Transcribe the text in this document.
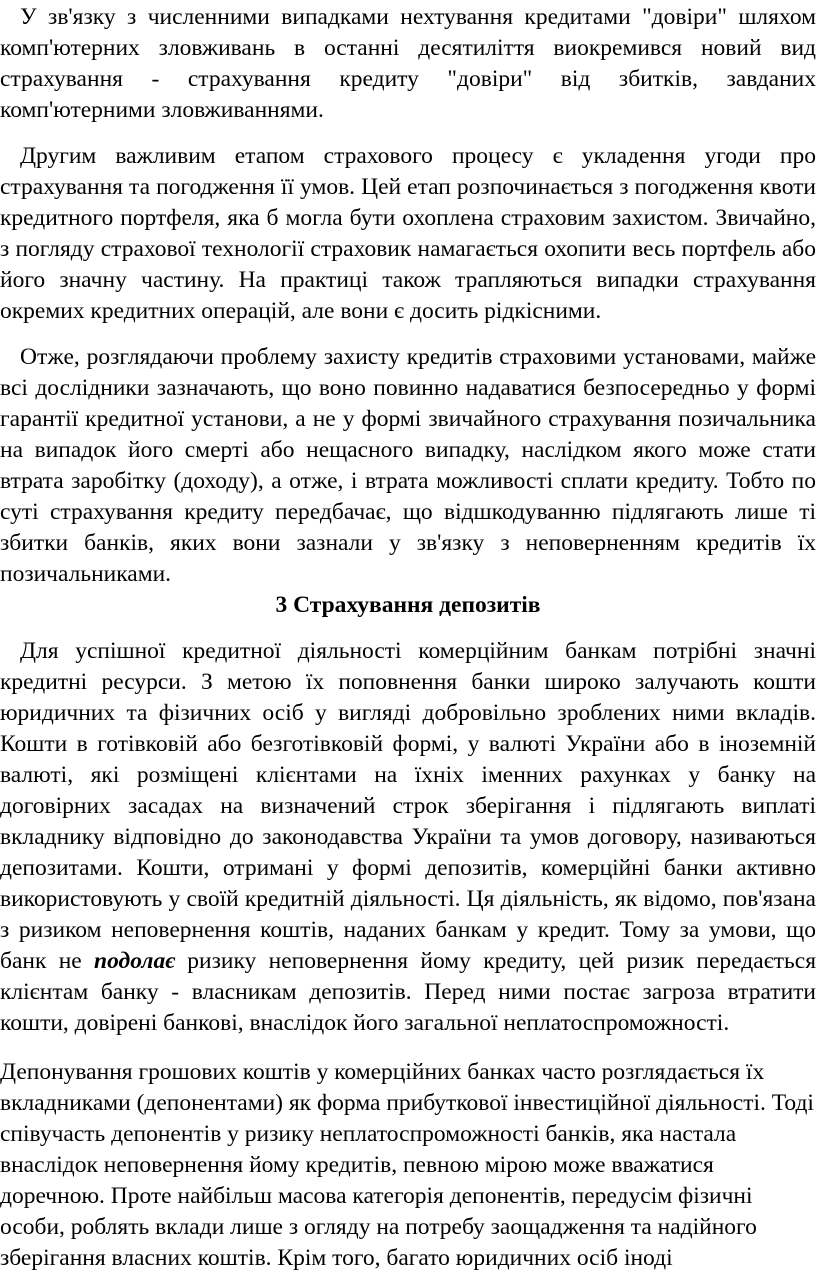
У зв'язку з численними випадками нехтування кредитами "довіри" шляхом комп'ютерних зловживань в останні десятиліття виокремився новий вид страхування - страхування кредиту "довіри" від збитків, завданих комп'ютерними зловживаннями.

Другим важливим етапом страхового процесу є укладення угоди про страхування та погодження її умов. Цей етап розпочинається з погодження квоти кредитного портфеля, яка б могла бути охоплена страховим захистом. Звичайно, з погляду страхової технології страховик намагається охопити весь портфель або його значну частину. На практиці також трапляються випадки страхування окремих кредитних операцій, але вони є досить рідкісними.

Отже, розглядаючи проблему захисту кредитів страховими установами, майже всі дослідники зазначають, що воно повинно надаватися безпосередньо у формі гарантії кредитної установи, а не у формі звичайного страхування позичальника на випадок його смерті або нещасного випадку, наслідком якого може стати втрата заробітку (доходу), а отже, і втрата можливості сплати кредиту. Тобто по суті страхування кредиту передбачає, що відшкодуванню підлягають лише ті збитки банків, яких вони зазнали у зв'язку з неповерненням кредитів їх позичальниками.

3 Страхування депозитів

Для успішної кредитної діяльності комерційним банкам потрібні значні кредитні ресурси. З метою їх поповнення банки широко залучають кошти юридичних та фізичних осіб у вигляді добровільно зроблених ними вкладів. Кошти в готівковій або безготівковій формі, у валюті України або в іноземній валюті, які розміщені клієнтами на їхніх іменних рахунках у банку на договірних засадах на визначений строк зберігання і підлягають виплаті вкладнику відповідно до законодавства України та умов договору, називаються депозитами. Кошти, отримані у формі депозитів, комерційні банки активно використовують у своїй кредитній діяльності. Ця діяльність, як відомо, пов'язана з ризиком неповернення коштів, наданих банкам у кредит. Тому за умови, що банк не подолає ризику неповернення йому кредиту, цей ризик передається клієнтам банку - власникам депозитів. Перед ними постає загроза втратити кошти, довірені банкові, внаслідок його загальної неплатоспроможності.

Депонування грошових коштів у комерційних банках часто розглядається їх вкладниками (депонентами) як форма прибуткової інвестиційної діяльності. Тоді співучасть депонентів у ризику неплатоспроможності банків, яка настала внаслідок неповернення йому кредитів, певною мірою може вважатися доречною. Проте найбільш масова категорія депонентів, передусім фізичні особи, роблять вклади лише з огляду на потребу заощадження та надійного зберігання власних коштів. Крім того, багато юридичних осіб іноді
